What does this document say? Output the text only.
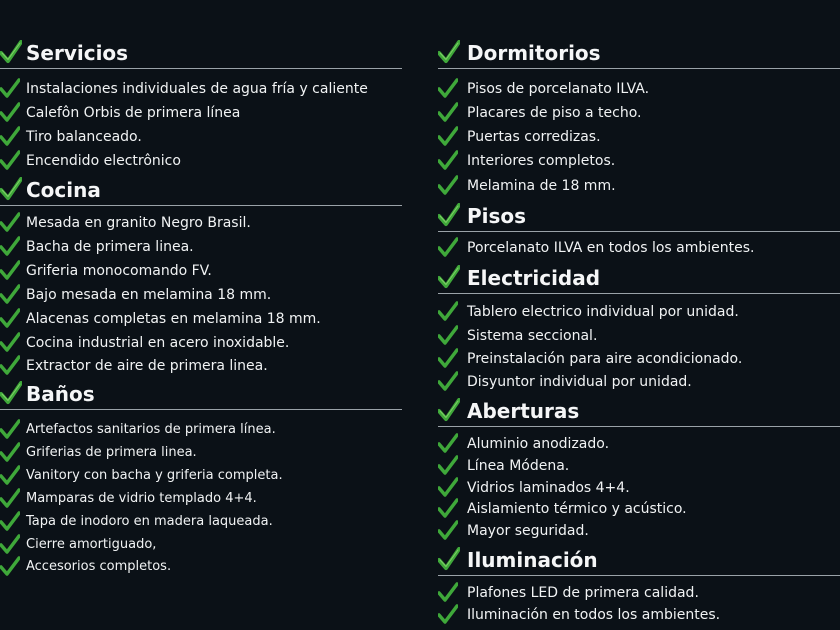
Servicios
Instalaciones individuales de agua fría y caliente
Calefôn Orbis de primera línea
Tiro balanceado.
Encendido electrônico
Cocina
Mesada en granito Negro Brasil.
Bacha de primera linea.
Griferia monocomando FV.
Bajo mesada en melamina 18 mm.
Alacenas completas en melamina 18 mm.
Cocina industrial en acero inoxidable.
Extractor de aire de primera linea.
Baños
Artefactos sanitarios de primera línea.
Griferias de primera linea.
Vanitory con bacha y griferia completa.
Mamparas de vidrio templado 4+4.
Tapa de inodoro en madera laqueada.
Cierre amortiguado,
Accesorios completos.
Dormitorios
Pisos de porcelanato ILVA.
Placares de piso a techo.
Puertas corredizas.
Interiores completos.
Melamina de 18 mm.
Pisos
Porcelanato ILVA en todos los ambientes.
Electricidad
Tablero electrico individual por unidad.
Sistema seccional.
Preinstalación para aire acondicionado.
Disyuntor individual por unidad.
Aberturas
Aluminio anodizado.
Línea Módena.
Vidrios laminados 4+4.
Aislamiento térmico y acústico.
Mayor seguridad.
Iluminación
Plafones LED de primera calidad.
Iluminación en todos los ambientes.
